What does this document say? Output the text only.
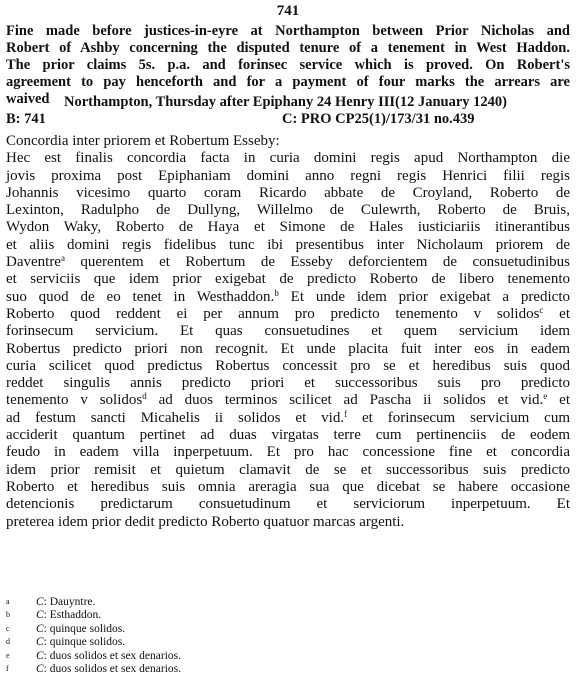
741
Fine made before justices-in-eyre at Northampton between Prior Nicholas and
Robert of Ashby concerning the disputed tenure of a tenement in West Haddon.
The prior claims 5s. p.a. and forinsec service which is proved. On Robert's
agreement to pay henceforth and for a payment of four marks the arrears are
waived	Northampton, Thursday after Epiphany 24 Henry III(12 January 1240)
B: 741	C: PRO CP25(1)/173/31 no.439
Concordia inter priorem et Robertum Esseby:
Hec est finalis concordia facta in curia domini regis apud Northampton die
jovis proxima post Epiphaniam domini anno regni regis Henrici filii regis
Johannis vicesimo quarto coram Ricardo abbate de Croyland, Roberto de
Lexinton, Radulpho de Dullyng, Willelmo de Culewrth, Roberto de Bruis,
Wydon Waky, Roberto de Haya et Simone de Hales iusticiariis itinerantibus
et aliis domini regis fidelibus tunc ibi presentibus inter Nicholaum priorem de
Daventre$^a$ querentem et Robertum de Esseby deforcientem de consuetudinibus
et serviciis que idem prior exigebat de predicto Roberto de libero tenemento
suo quod de eo tenet in Westhaddon.$^b$ Et unde idem prior exigebat a predicto
Roberto quod reddent ei per annum pro predicto tenemento v solidos$^c$ et
forinsecum servicium. Et quas consuetudines et quem servicium idem
Robertus predicto priori non recognit. Et unde placita fuit inter eos in eadem
curia scilicet quod predictus Robertus concessit pro se et heredibus suis quod
reddet singulis annis predicto priori et successoribus suis pro predicto
tenemento v solidos$^d$ ad duos terminos scilicet ad Pascha ii solidos et vid.$^e$ et
ad festum sancti Micahelis ii solidos et vid.$^f$ et forinsecum servicium cum
acciderit quantum pertinet ad duas virgatas terre cum pertinenciis de eodem
feudo in eadem villa inperpetuum. Et pro hac concessione fine et concordia
idem prior remisit et quietum clamavit de se et successoribus suis predicto
Roberto et heredibus suis omnia areragia sua que dicebat se habere occasione
detencionis predictarum consuetudinum et serviciorum inperpetuum. Et
preterea idem prior dedit predicto Roberto quatuor marcas argenti.
a C: Dauyntre.
b C: Esthaddon.
c C: quinque solidos.
d C: quinque solidos.
e C: duos solidos et sex denarios.
f C: duos solidos et sex denarios.
